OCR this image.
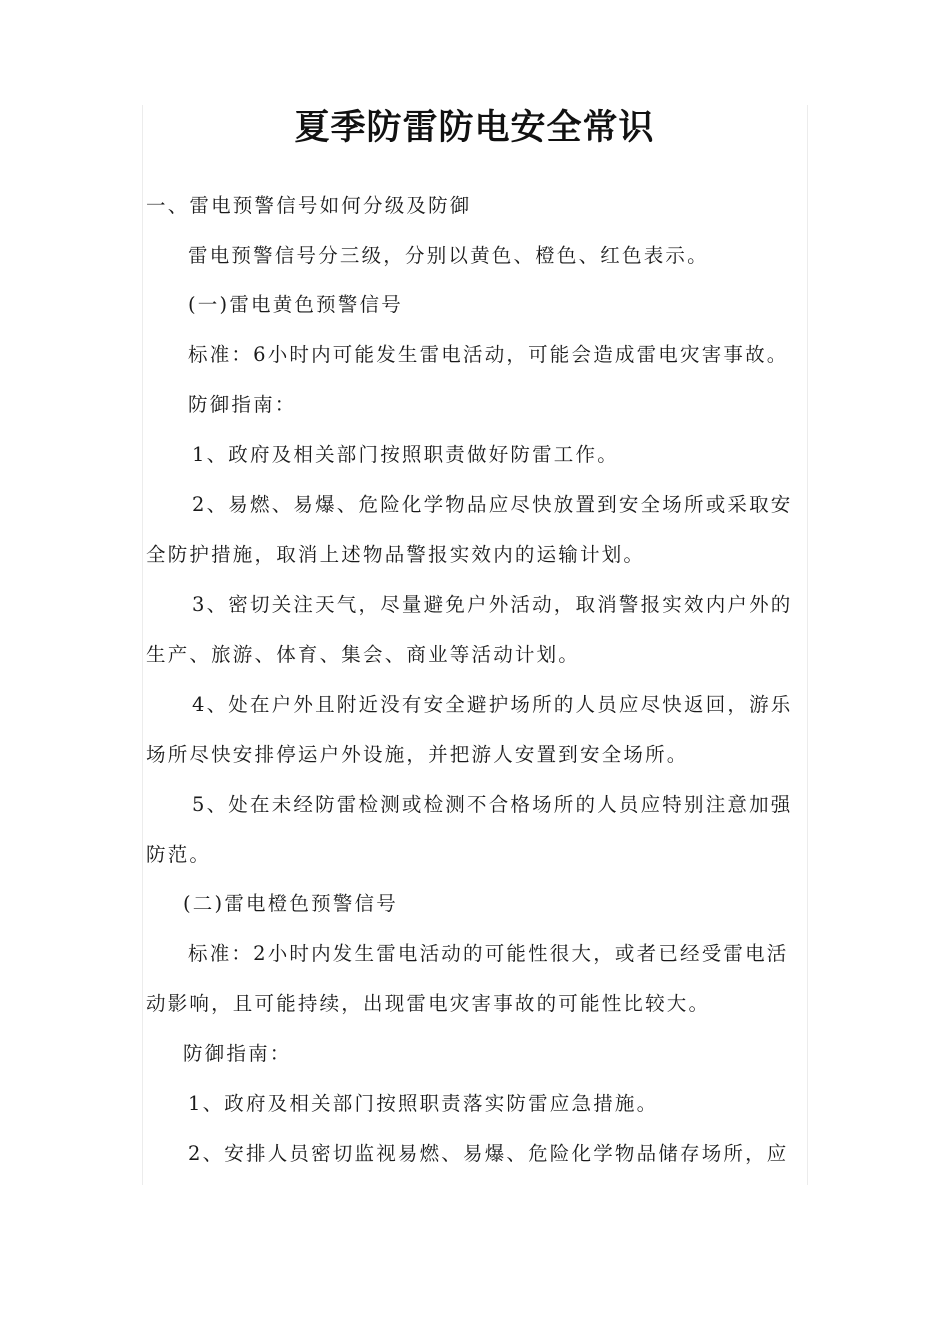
夏季防雷防电安全常识
一、雷电预警信号如何分级及防御
雷电预警信号分三级，分别以黄色、橙色、红色表示。
(一)雷电黄色预警信号
标准：6小时内可能发生雷电活动，可能会造成雷电灾害事故。
防御指南：
1、政府及相关部门按照职责做好防雷工作。
2、易燃、易爆、危险化学物品应尽快放置到安全场所或采取安
全防护措施，取消上述物品警报实效内的运输计划。
3、密切关注天气，尽量避免户外活动，取消警报实效内户外的
生产、旅游、体育、集会、商业等活动计划。
4、处在户外且附近没有安全避护场所的人员应尽快返回，游乐
场所尽快安排停运户外设施，并把游人安置到安全场所。
5、处在未经防雷检测或检测不合格场所的人员应特别注意加强
防范。
(二)雷电橙色预警信号
标准：2小时内发生雷电活动的可能性很大，或者已经受雷电活
动影响，且可能持续，出现雷电灾害事故的可能性比较大。
防御指南：
1、政府及相关部门按照职责落实防雷应急措施。
2、安排人员密切监视易燃、易爆、危险化学物品储存场所，应
